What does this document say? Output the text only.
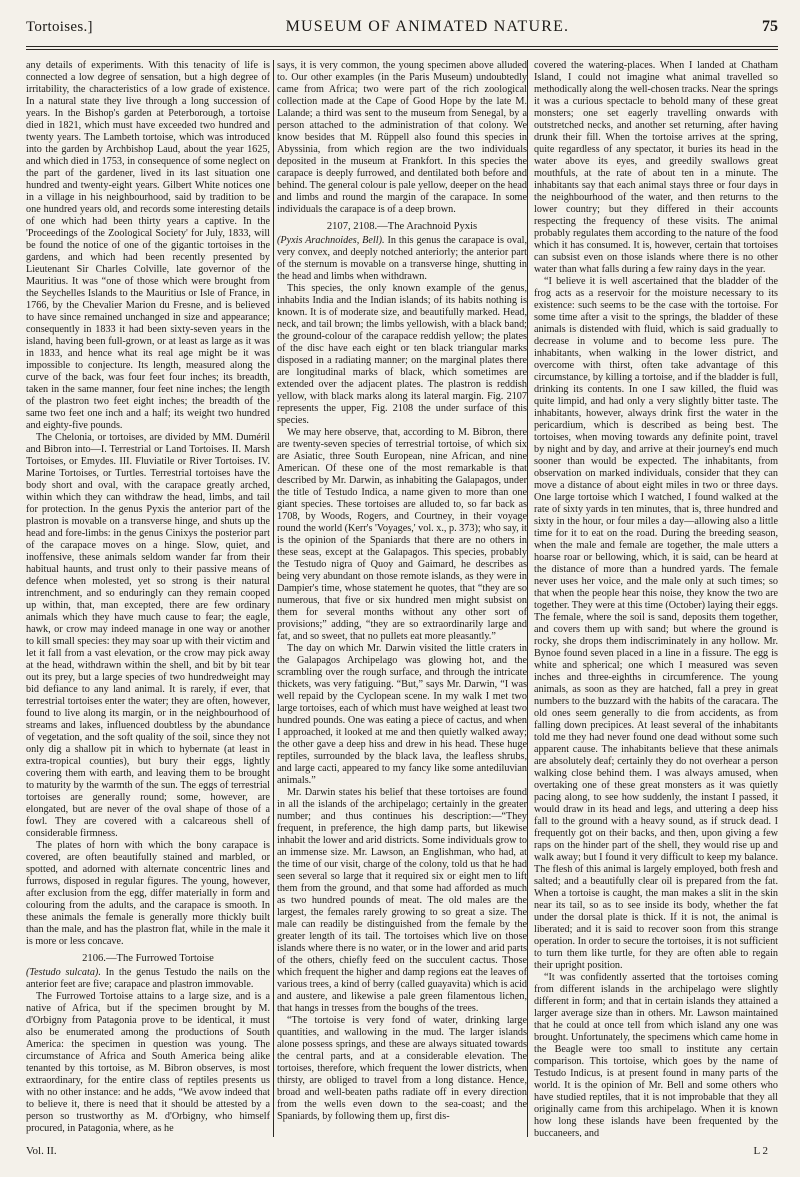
Tortoises.]	MUSEUM OF ANIMATED NATURE.	75

any details of experiments. With this tenacity of life is connected a low degree of sensation, but a high degree of irritability, the characteristics of a low grade of existence. In a natural state they live through a long succession of years. In the Bishop's garden at Peterborough, a tortoise died in 1821, which must have exceeded two hundred and twenty years. The Lambeth tortoise, which was introduced into the garden by Archbishop Laud, about the year 1625, and which died in 1753, in consequence of some neglect on the part of the gardener, lived in its last situation one hundred and twenty-eight years. Gilbert White notices one in a village in his neighbourhood, said by tradition to be one hundred years old, and records some interesting details of one which had been thirty years a captive. In the 'Proceedings of the Zoological Society' for July, 1833, will be found the notice of one of the gigantic tortoises in the gardens, and which had been recently presented by Lieutenant Sir Charles Colville, late governor of the Mauritius. It was “one of those which were brought from the Seychelles Islands to the Mauritius or Isle of France, in 1766, by the Chevalier Marion du Fresne, and is believed to have since remained unchanged in size and appearance; consequently in 1833 it had been sixty-seven years in the island, having been full-grown, or at least as large as it was in 1833, and hence what its real age might be it was impossible to conjecture. Its length, measured along the curve of the back, was four feet four inches; its breadth, taken in the same manner, four feet nine inches; the length of the plastron two feet eight inches; the breadth of the same two feet one inch and a half; its weight two hundred and eighty-five pounds.

The Chelonia, or tortoises, are divided by MM. Duméril and Bibron into—I. Terrestrial or Land Tortoises. II. Marsh Tortoises, or Emydes. III. Fluviatile or River Tortoises. IV. Marine Tortoises, or Turtles. Terrestrial tortoises have the body short and oval, with the carapace greatly arched, within which they can withdraw the head, limbs, and tail for protection. In the genus Pyxis the anterior part of the plastron is movable on a transverse hinge, and shuts up the head and fore-limbs: in the genus Cinixys the posterior part of the carapace moves on a hinge. Slow, quiet, and inoffensive, these animals seldom wander far from their habitual haunts, and trust only to their passive means of defence when molested, yet so strong is their natural intrenchment, and so enduringly can they remain cooped up within, that, man excepted, there are few ordinary animals which they have much cause to fear; the eagle, hawk, or crow may indeed manage in one way or another to kill small species: they may soar up with their victim and let it fall from a vast elevation, or the crow may pick away at the head, withdrawn within the shell, and bit by bit tear out its prey, but a large species of two hundredweight may bid defiance to any land animal. It is rarely, if ever, that terrestrial tortoises enter the water; they are often, however, found to live along its margin, or in the neighbourhood of streams and lakes, influenced doubtless by the abundance of vegetation, and the soft quality of the soil, since they not only dig a shallow pit in which to hybernate (at least in extra-tropical counties), but bury their eggs, lightly covering them with earth, and leaving them to be brought to maturity by the warmth of the sun. The eggs of terrestrial tortoises are generally round; some, however, are elongated, but are never of the oval shape of those of a fowl. They are covered with a calcareous shell of considerable firmness.

The plates of horn with which the bony carapace is covered, are often beautifully stained and marbled, or spotted, and adorned with alternate concentric lines and furrows, disposed in regular figures. The young, however, after exclusion from the egg, differ materially in form and colouring from the adults, and the carapace is smooth. In these animals the female is generally more thickly built than the male, and has the plastron flat, while in the male it is more or less concave.

2106.—The Furrowed Tortoise

(Testudo sulcata). In the genus Testudo the nails on the anterior feet are five; carapace and plastron immovable.

The Furrowed Tortoise attains to a large size, and is a native of Africa, but if the specimen brought by M. d'Orbigny from Patagonia prove to be identical, it must also be enumerated among the productions of South America: the specimen in question was young. The circumstance of Africa and South America being alike tenanted by this tortoise, as M. Bibron observes, is most extraordinary, for the entire class of reptiles presents us with no other instance: and he adds, “We avow indeed that to believe it, there is need that it should be attested by a person so trustworthy as M. d'Orbigny, who himself procured, in Patagonia, where, as he

says, it is very common, the young specimen above alluded to. Our other examples (in the Paris Museum) undoubtedly came from Africa; two were part of the rich zoological collection made at the Cape of Good Hope by the late M. Lalande; a third was sent to the museum from Senegal, by a person attached to the administration of that colony. We know besides that M. Rüppell also found this species in Abyssinia, from which region are the two individuals deposited in the museum at Frankfort. In this species the carapace is deeply furrowed, and dentilated both before and behind. The general colour is pale yellow, deeper on the head and limbs and round the margin of the carapace. In some individuals the carapace is of a deep brown.

2107, 2108.—The Arachnoid Pyxis

(Pyxis Arachnoides, Bell). In this genus the carapace is oval, very convex, and deeply notched anteriorly; the anterior part of the sternum is movable on a transverse hinge, shutting in the head and limbs when withdrawn.

This species, the only known example of the genus, inhabits India and the Indian islands; of its habits nothing is known. It is of moderate size, and beautifully marked. Head, neck, and tail brown; the limbs yellowish, with a black band; the ground-colour of the carapace reddish yellow; the plates of the disc have each eight or ten black triangular marks disposed in a radiating manner; on the marginal plates there are longitudinal marks of black, which sometimes are extended over the adjacent plates. The plastron is reddish yellow, with black marks along its lateral margin. Fig. 2107 represents the upper, Fig. 2108 the under surface of this species.

We may here observe, that, according to M. Bibron, there are twenty-seven species of terrestrial tortoise, of which six are Asiatic, three South European, nine African, and nine American. Of these one of the most remarkable is that described by Mr. Darwin, as inhabiting the Galapagos, under the title of Testudo Indica, a name given to more than one giant species. These tortoises are alluded to, so far back as 1708, by Woods, Rogers, and Courtney, in their voyage round the world (Kerr's 'Voyages,' vol. x., p. 373); who say, it is the opinion of the Spaniards that there are no others in these seas, except at the Galapagos. This species, probably the Testudo nigra of Quoy and Gaimard, he describes as being very abundant on those remote islands, as they were in Dampier's time, whose statement he quotes, that “they are so numerous, that five or six hundred men might subsist on them for several months without any other sort of provisions;” adding, “they are so extraordinarily large and fat, and so sweet, that no pullets eat more pleasantly.”

The day on which Mr. Darwin visited the little craters in the Galapagos Archipelago was glowing hot, and the scrambling over the rough surface, and through the intricate thickets, was very fatiguing. “But,” says Mr. Darwin, “I was well repaid by the Cyclopean scene. In my walk I met two large tortoises, each of which must have weighed at least two hundred pounds. One was eating a piece of cactus, and when I approached, it looked at me and then quietly walked away; the other gave a deep hiss and drew in his head. These huge reptiles, surrounded by the black lava, the leafless shrubs, and large cacti, appeared to my fancy like some antediluvian animals.”

Mr. Darwin states his belief that these tortoises are found in all the islands of the archipelago; certainly in the greater number; and thus continues his description:—“They frequent, in preference, the high damp parts, but likewise inhabit the lower and arid districts. Some individuals grow to an immense size. Mr. Lawson, an Englishman, who had, at the time of our visit, charge of the colony, told us that he had seen several so large that it required six or eight men to lift them from the ground, and that some had afforded as much as two hundred pounds of meat. The old males are the largest, the females rarely growing to so great a size. The male can readily be distinguished from the female by the greater length of its tail. The tortoises which live on those islands where there is no water, or in the lower and arid parts of the others, chiefly feed on the succulent cactus. Those which frequent the higher and damp regions eat the leaves of various trees, a kind of berry (called guayavita) which is acid and austere, and likewise a pale green filamentous lichen, that hangs in tresses from the boughs of the trees.

“The tortoise is very fond of water, drinking large quantities, and wallowing in the mud. The larger islands alone possess springs, and these are always situated towards the central parts, and at a considerable elevation. The tortoises, therefore, which frequent the lower districts, when thirsty, are obliged to travel from a long distance. Hence, broad and well-beaten paths radiate off in every direction from the wells even down to the sea-coast; and the Spaniards, by following them up, first dis-

covered the watering-places. When I landed at Chatham Island, I could not imagine what animal travelled so methodically along the well-chosen tracks. Near the springs it was a curious spectacle to behold many of these great monsters; one set eagerly travelling onwards with outstretched necks, and another set returning, after having drunk their fill. When the tortoise arrives at the spring, quite regardless of any spectator, it buries its head in the water above its eyes, and greedily swallows great mouthfuls, at the rate of about ten in a minute. The inhabitants say that each animal stays three or four days in the neighbourhood of the water, and then returns to the lower country; but they differed in their accounts respecting the frequency of these visits. The animal probably regulates them according to the nature of the food which it has consumed. It is, however, certain that tortoises can subsist even on those islands where there is no other water than what falls during a few rainy days in the year.

“I believe it is well ascertained that the bladder of the frog acts as a reservoir for the moisture necessary to its existence: such seems to be the case with the tortoise. For some time after a visit to the springs, the bladder of these animals is distended with fluid, which is said gradually to decrease in volume and to become less pure. The inhabitants, when walking in the lower district, and overcome with thirst, often take advantage of this circumstance, by killing a tortoise, and if the bladder is full, drinking its contents. In one I saw killed, the fluid was quite limpid, and had only a very slightly bitter taste. The inhabitants, however, always drink first the water in the pericardium, which is described as being best. The tortoises, when moving towards any definite point, travel by night and by day, and arrive at their journey's end much sooner than would be expected. The inhabitants, from observation on marked individuals, consider that they can move a distance of about eight miles in two or three days. One large tortoise which I watched, I found walked at the rate of sixty yards in ten minutes, that is, three hundred and sixty in the hour, or four miles a day—allowing also a little time for it to eat on the road. During the breeding season, when the male and female are together, the male utters a hoarse roar or bellowing, which, it is said, can be heard at the distance of more than a hundred yards. The female never uses her voice, and the male only at such times; so that when the people hear this noise, they know the two are together. They were at this time (October) laying their eggs. The female, where the soil is sand, deposits them together, and covers them up with sand; but where the ground is rocky, she drops them indiscriminately in any hollow. Mr. Bynoe found seven placed in a line in a fissure. The egg is white and spherical; one which I measured was seven inches and three-eighths in circumference. The young animals, as soon as they are hatched, fall a prey in great numbers to the buzzard with the habits of the caracara. The old ones seem generally to die from accidents, as from falling down precipices. At least several of the inhabitants told me they had never found one dead without some such apparent cause. The inhabitants believe that these animals are absolutely deaf; certainly they do not overhear a person walking close behind them. I was always amused, when overtaking one of these great monsters as it was quietly pacing along, to see how suddenly, the instant I passed, it would draw in its head and legs, and uttering a deep hiss fall to the ground with a heavy sound, as if struck dead. I frequently got on their backs, and then, upon giving a few raps on the hinder part of the shell, they would rise up and walk away; but I found it very difficult to keep my balance. The flesh of this animal is largely employed, both fresh and salted; and a beautifully clear oil is prepared from the fat. When a tortoise is caught, the man makes a slit in the skin near its tail, so as to see inside its body, whether the fat under the dorsal plate is thick. If it is not, the animal is liberated; and it is said to recover soon from this strange operation. In order to secure the tortoises, it is not sufficient to turn them like turtle, for they are often able to regain their upright position.

“It was confidently asserted that the tortoises coming from different islands in the archipelago were slightly different in form; and that in certain islands they attained a larger average size than in others. Mr. Lawson maintained that he could at once tell from which island any one was brought. Unfortunately, the specimens which came home in the Beagle were too small to institute any certain comparison. This tortoise, which goes by the name of Testudo Indicus, is at present found in many parts of the world. It is the opinion of Mr. Bell and some others who have studied reptiles, that it is not improbable that they all originally came from this archipelago. When it is known how long these islands have been frequented by the buccaneers, and

Vol. II.	L 2
